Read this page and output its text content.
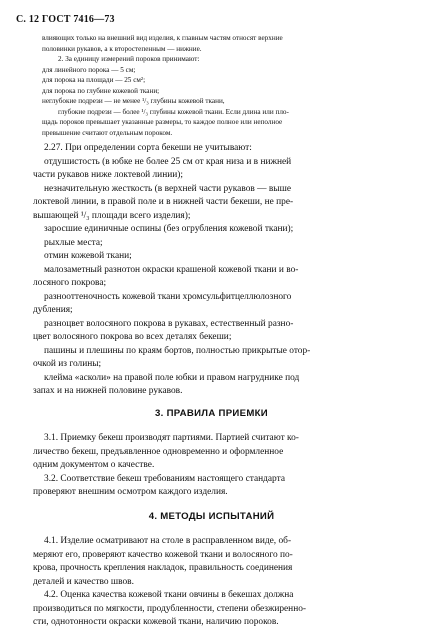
С. 12 ГОСТ 7416—73

влияющих только на внешний вид изделия, к главным частям относят верхние

половинки рукавов, а к второстепенным — нижние.

2. За единицу измерений пороков принимают:

для линейного порока — 5 см;

для порока на площади — 25 см²;

для порока по глубине кожевой ткани;

неглубокие подрези — не менее ¹/₃ глубины кожевой ткани,

глубокие подрези — более ¹/₃ глубины кожевой ткани. Если длина или пло-

щадь пороков превышает указанные размеры, то каждое полное или неполное

превышение считают отдельным пороком.

2.27. При определении сорта бекеши не учитывают:

отдушистость (в юбке не более 25 см от края низа и в нижней

части рукавов ниже локтевой линии);

незначительную жесткость (в верхней части рукавов — выше

локтевой линии, в правой поле и в нижней части бекеши, не пре-

вышающей ¹/₃ площади всего изделия);

заросшие единичные оспины (без огрубления кожевой ткани);

рыхлые места;

отмин кожевой ткани;

малозаметный разнотон окраски крашеной кожевой ткани и во-

лосяного покрова;

разнооттеночность кожевой ткани хромсульфитцеллюлозного

дубления;

разноцвет волосяного покрова в рукавах, естественный разно-

цвет волосяного покрова во всех деталях бекеши;

пашины и плешины по краям бортов, полностью прикрытые отор-

очкой из голины;

клейма «асколи» на правой поле юбки и правом нагруднике под

запах и на нижней половине рукавов.

3. ПРАВИЛА ПРИЕМКИ

3.1. Приемку бекеш производят партиями. Партией считают ко-

личество бекеш, предъявленное одновременно и оформленное

одним документом о качестве.

3.2. Соответствие бекеш требованиям настоящего стандарта

проверяют внешним осмотром каждого изделия.

4. МЕТОДЫ ИСПЫТАНИЙ

4.1. Изделие осматривают на столе в расправленном виде, об-

меряют его, проверяют качество кожевой ткани и волосяного по-

крова, прочность крепления накладок, правильность соединения

деталей и качество швов.

4.2. Оценка качества кожевой ткани овчины в бекешах должна

производиться по мягкости, продубленности, степени обезжиренно-

сти, однотонности окраски кожевой ткани, наличию пороков.
